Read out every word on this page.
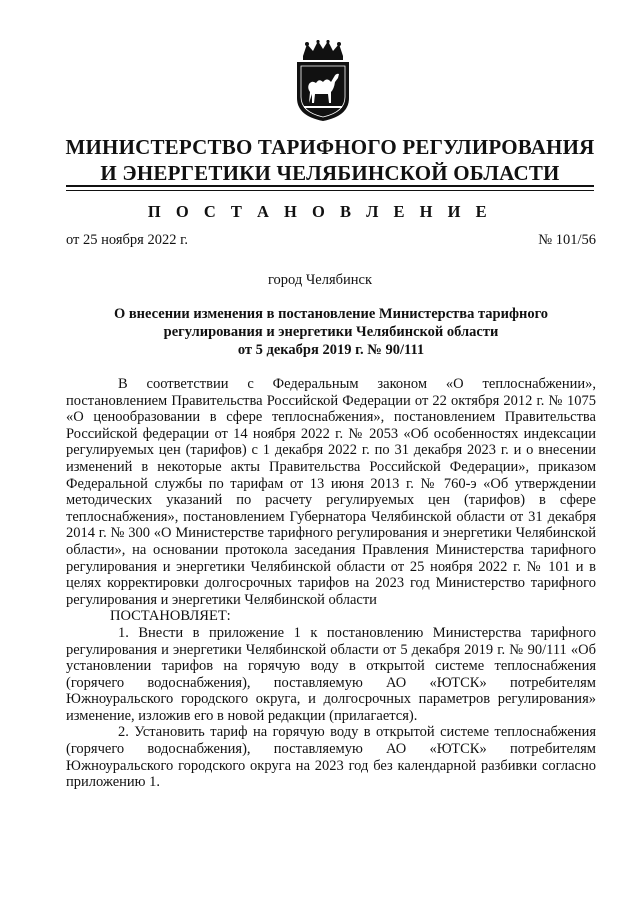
МИНИСТЕРСТВО ТАРИФНОГО РЕГУЛИРОВАНИЯ
И ЭНЕРГЕТИКИ ЧЕЛЯБИНСКОЙ ОБЛАСТИ
П О С Т А Н О В Л Е Н И Е
от 25 ноября 2022 г.	№ 101/56
город Челябинск
О внесении изменения в постановление Министерства тарифного
регулирования и энергетики Челябинской области
от 5 декабря 2019 г. № 90/111

В соответствии с Федеральным законом «О теплоснабжении», постановлением Правительства Российской Федерации от 22 октября 2012 г. № 1075 «О ценообразовании в сфере теплоснабжения», постановлением Правительства Российской федерации от 14 ноября 2022 г. № 2053 «Об особенностях индексации регулируемых цен (тарифов) с 1 декабря 2022 г. по 31 декабря 2023 г. и о внесении изменений в некоторые акты Правительства Российской Федерации», приказом Федеральной службы по тарифам от 13 июня 2013 г. № 760-э «Об утверждении методических указаний по расчету регулируемых цен (тарифов) в сфере теплоснабжения», постановлением Губернатора Челябинской области от 31 декабря 2014 г. № 300 «О Министерстве тарифного регулирования и энергетики Челябинской области», на основании протокола заседания Правления Министерства тарифного регулирования и энергетики Челябинской области от 25 ноября 2022 г. № 101 и в целях корректировки долгосрочных тарифов на 2023 год Министерство тарифного регулирования и энергетики Челябинской области

ПОСТАНОВЛЯЕТ:

1. Внести в приложение 1 к постановлению Министерства тарифного регулирования и энергетики Челябинской области от 5 декабря 2019 г. № 90/111 «Об установлении тарифов на горячую воду в открытой системе теплоснабжения (горячего водоснабжения), поставляемую АО «ЮТСК» потребителям Южноуральского городского округа, и долгосрочных параметров регулирования» изменение, изложив его в новой редакции (прилагается).

2. Установить тариф на горячую воду в открытой системе теплоснабжения (горячего водоснабжения), поставляемую АО «ЮТСК» потребителям Южноуральского городского округа на 2023 год без календарной разбивки согласно приложению 1.
